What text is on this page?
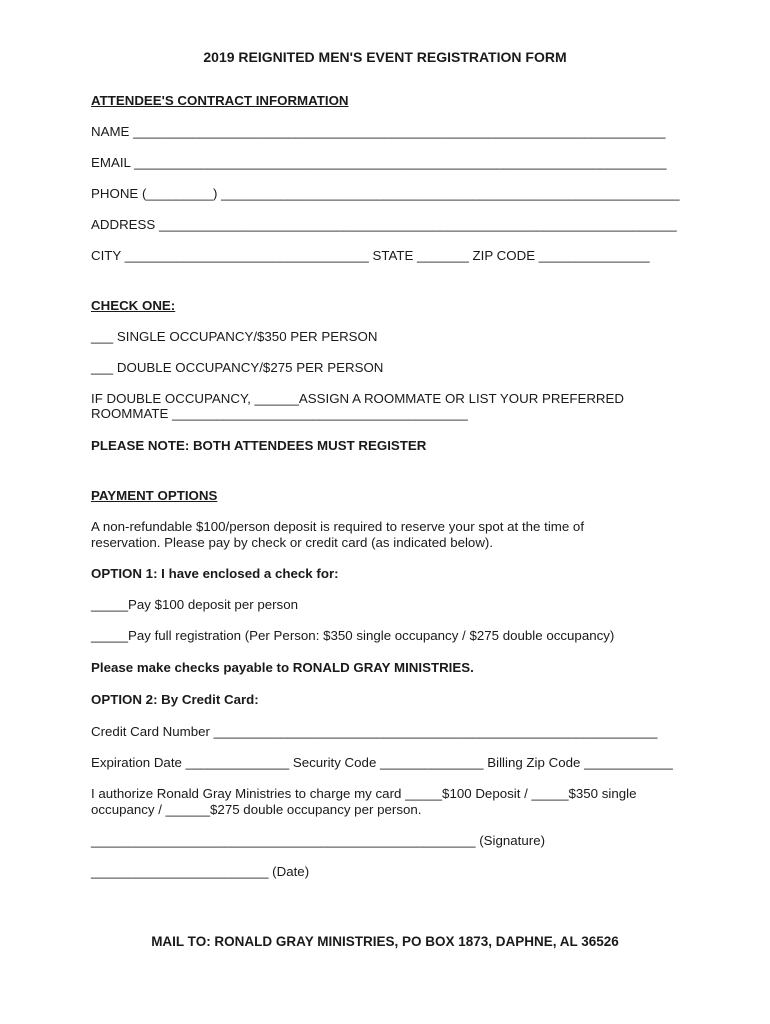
2019 REIGNITED MEN'S EVENT REGISTRATION FORM

ATTENDEE'S CONTRACT INFORMATION

NAME ________________________________________________________________________

EMAIL ________________________________________________________________________

PHONE (_________) ______________________________________________________________

ADDRESS ______________________________________________________________________

CITY _________________________________ STATE _______ ZIP CODE _______________

CHECK ONE:

___ SINGLE OCCUPANCY/$350 PER PERSON

___ DOUBLE OCCUPANCY/$275 PER PERSON

IF DOUBLE OCCUPANCY, ______ASSIGN A ROOMMATE OR LIST YOUR PREFERRED

ROOMMATE ________________________________________

PLEASE NOTE: BOTH ATTENDEES MUST REGISTER

PAYMENT OPTIONS

A non-refundable $100/person deposit is required to reserve your spot at the time of

reservation. Please pay by check or credit card (as indicated below).

OPTION 1: I have enclosed a check for:

_____Pay $100 deposit per person

_____Pay full registration (Per Person: $350 single occupancy / $275 double occupancy)

Please make checks payable to RONALD GRAY MINISTRIES.

OPTION 2: By Credit Card:

Credit Card Number ____________________________________________________________

Expiration Date ______________ Security Code ______________ Billing Zip Code ____________

I authorize Ronald Gray Ministries to charge my card _____$100 Deposit / _____$350 single

occupancy / ______$275 double occupancy per person.

____________________________________________________ (Signature)

________________________ (Date)

MAIL TO: RONALD GRAY MINISTRIES, PO BOX 1873, DAPHNE, AL 36526
